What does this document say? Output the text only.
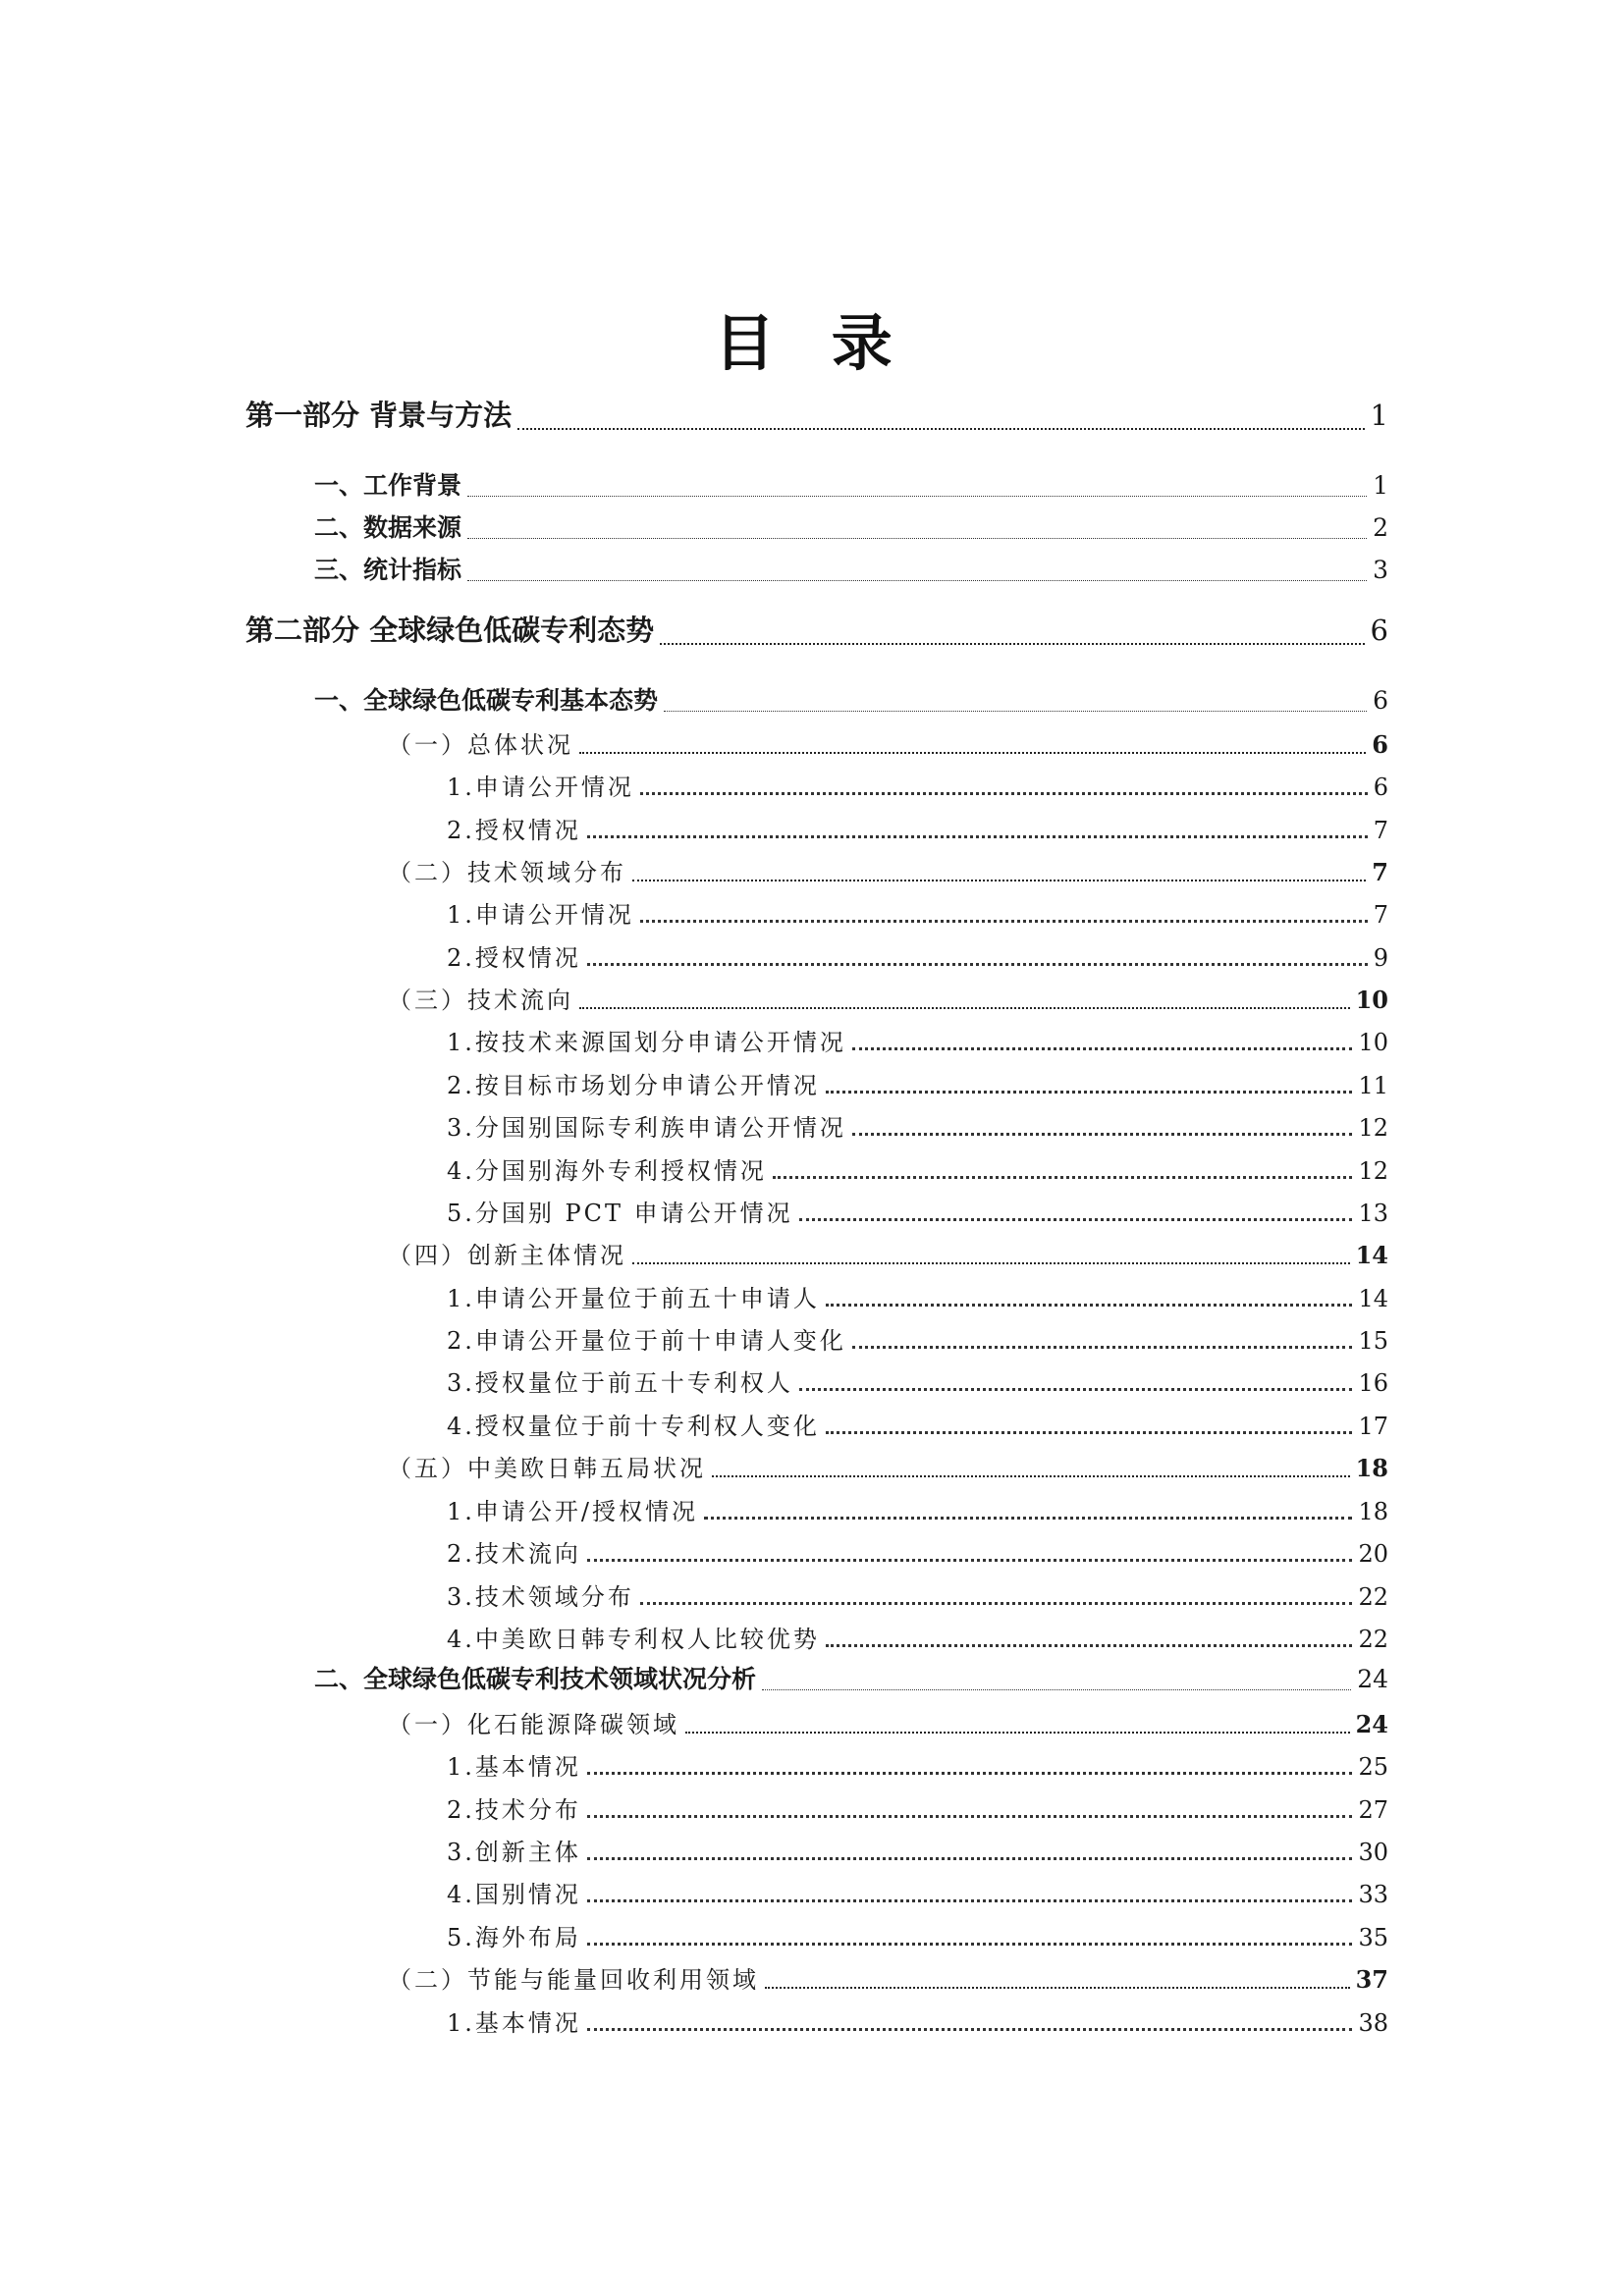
目 录
第一部分 背景与方法	1
一、工作背景	1
二、数据来源	2
三、统计指标	3
第二部分 全球绿色低碳专利态势	6
一、全球绿色低碳专利基本态势	6
（一）总体状况	6
1.申请公开情况	6
2.授权情况	7
（二）技术领域分布	7
1.申请公开情况	7
2.授权情况	9
（三）技术流向	10
1.按技术来源国划分申请公开情况	10
2.按目标市场划分申请公开情况	11
3.分国别国际专利族申请公开情况	12
4.分国别海外专利授权情况	12
5.分国别 PCT 申请公开情况	13
（四）创新主体情况	14
1.申请公开量位于前五十申请人	14
2.申请公开量位于前十申请人变化	15
3.授权量位于前五十专利权人	16
4.授权量位于前十专利权人变化	17
（五）中美欧日韩五局状况	18
1.申请公开/授权情况	18
2.技术流向	20
3.技术领域分布	22
4.中美欧日韩专利权人比较优势	22
二、全球绿色低碳专利技术领域状况分析	24
（一）化石能源降碳领域	24
1.基本情况	25
2.技术分布	27
3.创新主体	30
4.国别情况	33
5.海外布局	35
（二）节能与能量回收利用领域	37
1.基本情况	38
